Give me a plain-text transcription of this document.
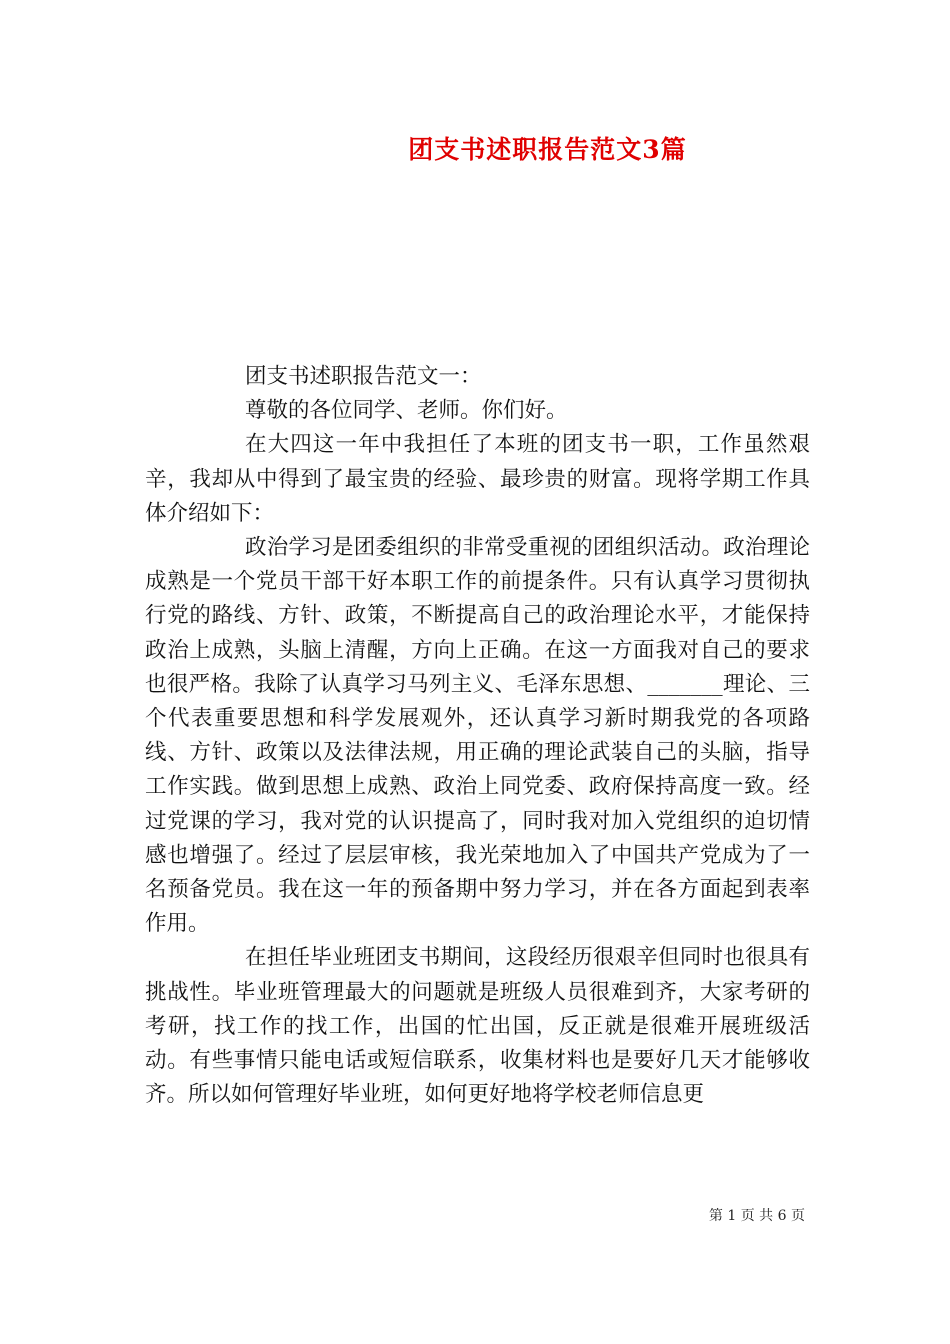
团支书述职报告范文3篇

团支书述职报告范文一：

尊敬的各位同学、老师。你们好。

在大四这一年中我担任了本班的团支书一职，工作虽然艰辛，我却从中得到了最宝贵的经验、最珍贵的财富。现将学期工作具体介绍如下：

政治学习是团委组织的非常受重视的团组织活动。政治理论成熟是一个党员干部干好本职工作的前提条件。只有认真学习贯彻执行党的路线、方针、政策，不断提高自己的政治理论水平，才能保持政治上成熟，头脑上清醒，方向上正确。在这一方面我对自己的要求也很严格。我除了认真学习马列主义、毛泽东思想、_______理论、三个代表重要思想和科学发展观外，还认真学习新时期我党的各项路线、方针、政策以及法律法规，用正确的理论武装自己的头脑，指导工作实践。做到思想上成熟、政治上同党委、政府保持高度一致。经过党课的学习，我对党的认识提高了，同时我对加入党组织的迫切情感也增强了。经过了层层审核，我光荣地加入了中国共产党成为了一名预备党员。我在这一年的预备期中努力学习，并在各方面起到表率作用。

在担任毕业班团支书期间，这段经历很艰辛但同时也很具有挑战性。毕业班管理最大的问题就是班级人员很难到齐，大家考研的考研，找工作的找工作，出国的忙出国，反正就是很难开展班级活动。有些事情只能电话或短信联系，收集材料也是要好几天才能够收齐。所以如何管理好毕业班，如何更好地将学校老师信息更

第 1 页 共 6 页
